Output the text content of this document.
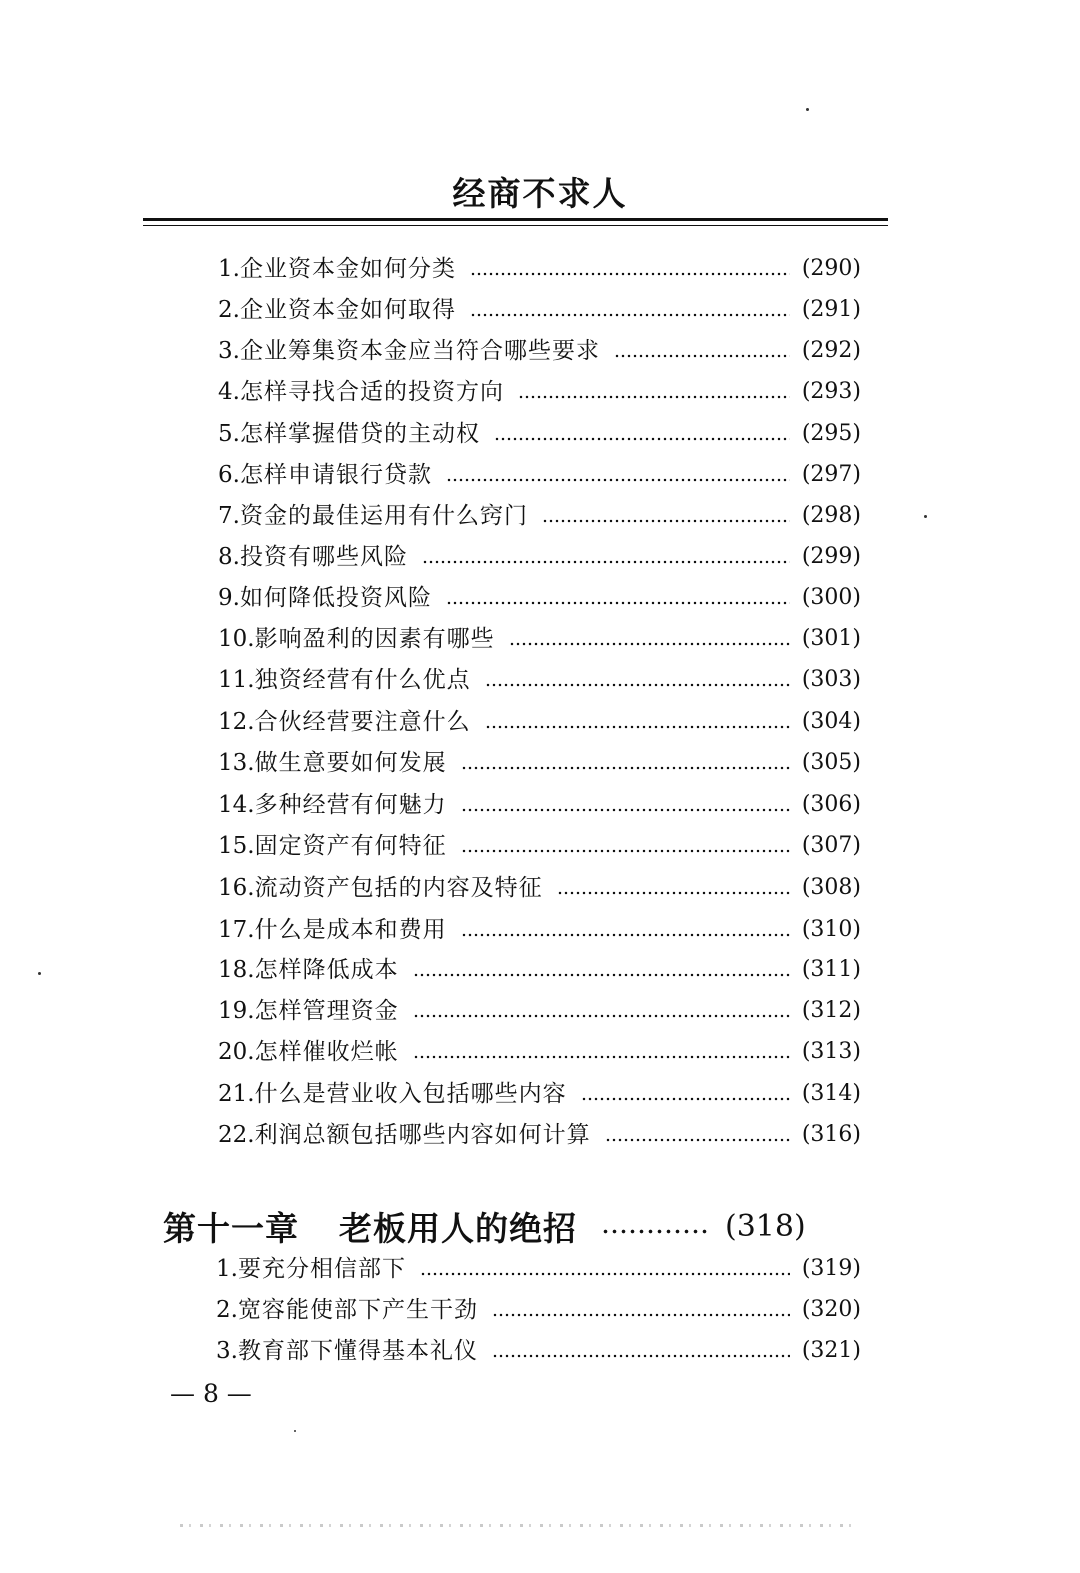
经商不求人
1. 企业资本金如何分类	(290)
2. 企业资本金如何取得	(291)
3. 企业筹集资本金应当符合哪些要求	(292)
4. 怎样寻找合适的投资方向	(293)
5. 怎样掌握借贷的主动权	(295)
6. 怎样申请银行贷款	(297)
7. 资金的最佳运用有什么窍门	(298)
8. 投资有哪些风险	(299)
9. 如何降低投资风险	(300)
10. 影响盈利的因素有哪些	(301)
11. 独资经营有什么优点	(303)
12. 合伙经营要注意什么	(304)
13. 做生意要如何发展	(305)
14. 多种经营有何魅力	(306)
15. 固定资产有何特征	(307)
16. 流动资产包括的内容及特征	(308)
17. 什么是成本和费用	(310)
18. 怎样降低成本	(311)
19. 怎样管理资金	(312)
20. 怎样催收烂帐	(313)
21. 什么是营业收入包括哪些内容	(314)
22. 利润总额包括哪些内容如何计算	(316)
第十一章 老板用人的绝招	(318)
1. 要充分相信部下	(319)
2. 宽容能使部下产生干劲	(320)
3. 教育部下懂得基本礼仪	(321)
— 8 —
